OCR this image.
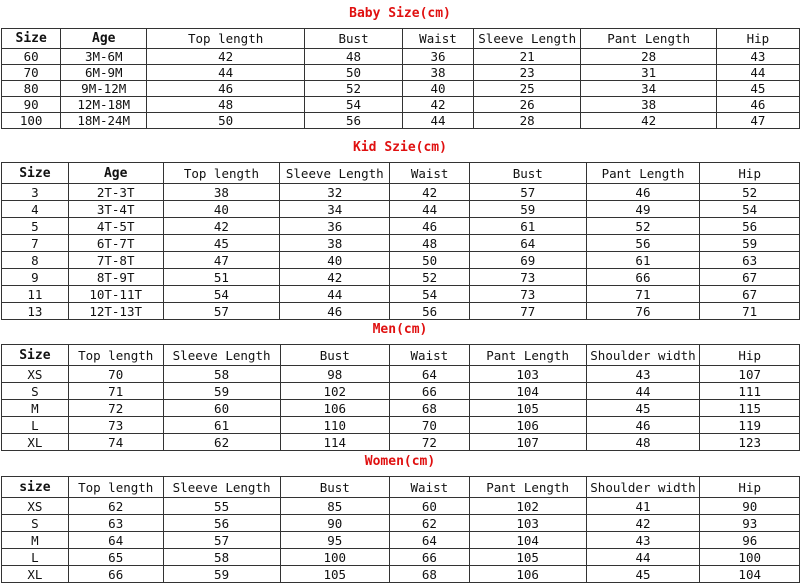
Baby Size(cm)
Size	Age	Top length	Bust	Waist	Sleeve Length	Pant Length	Hip
60	3M-6M	42	48	36	21	28	43
70	6M-9M	44	50	38	23	31	44
80	9M-12M	46	52	40	25	34	45
90	12M-18M	48	54	42	26	38	46
100	18M-24M	50	56	44	28	42	47
Kid Szie(cm)
Size	Age	Top length	Sleeve Length	Waist	Bust	Pant Length	Hip
3	2T-3T	38	32	42	57	46	52
4	3T-4T	40	34	44	59	49	54
5	4T-5T	42	36	46	61	52	56
7	6T-7T	45	38	48	64	56	59
8	7T-8T	47	40	50	69	61	63
9	8T-9T	51	42	52	73	66	67
11	10T-11T	54	44	54	73	71	67
13	12T-13T	57	46	56	77	76	71
Men(cm)
Size	Top length	Sleeve Length	Bust	Waist	Pant Length	Shoulder width	Hip
XS	70	58	98	64	103	43	107
S	71	59	102	66	104	44	111
M	72	60	106	68	105	45	115
L	73	61	110	70	106	46	119
XL	74	62	114	72	107	48	123
Women(cm)
size	Top length	Sleeve Length	Bust	Waist	Pant Length	Shoulder width	Hip
XS	62	55	85	60	102	41	90
S	63	56	90	62	103	42	93
M	64	57	95	64	104	43	96
L	65	58	100	66	105	44	100
XL	66	59	105	68	106	45	104
